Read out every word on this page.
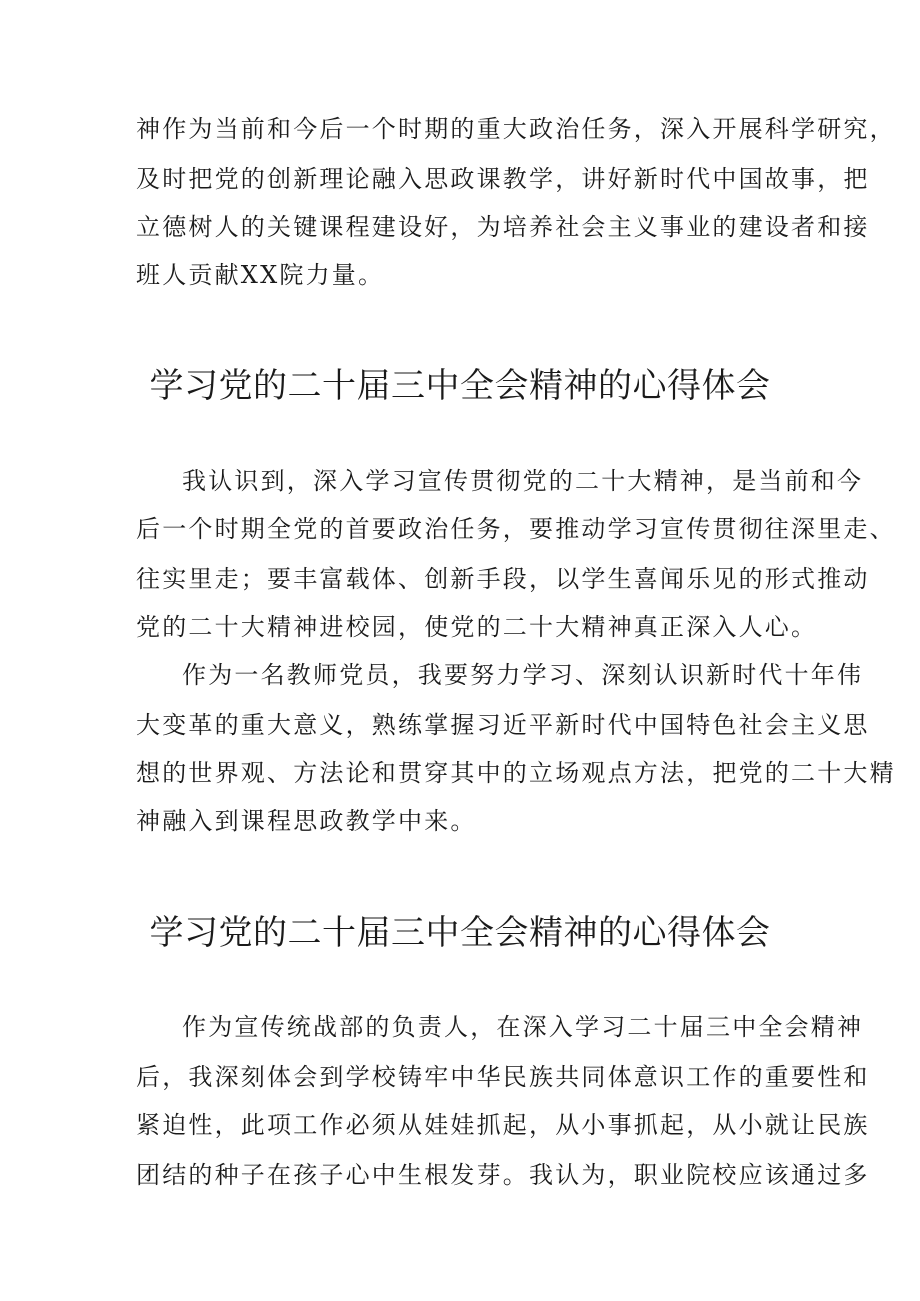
神作为当前和今后一个时期的重大政治任务，深入开展科学研究，
及时把党的创新理论融入思政课教学，讲好新时代中国故事，把
立德树人的关键课程建设好，为培养社会主义事业的建设者和接
班人贡献XX院力量。
学习党的二十届三中全会精神的心得体会
我认识到，深入学习宣传贯彻党的二十大精神，是当前和今
后一个时期全党的首要政治任务，要推动学习宣传贯彻往深里走、
往实里走；要丰富载体、创新手段，以学生喜闻乐见的形式推动
党的二十大精神进校园，使党的二十大精神真正深入人心。
作为一名教师党员，我要努力学习、深刻认识新时代十年伟
大变革的重大意义，熟练掌握习近平新时代中国特色社会主义思
想的世界观、方法论和贯穿其中的立场观点方法，把党的二十大精
神融入到课程思政教学中来。
学习党的二十届三中全会精神的心得体会
作为宣传统战部的负责人，在深入学习二十届三中全会精神
后，我深刻体会到学校铸牢中华民族共同体意识工作的重要性和
紧迫性，此项工作必须从娃娃抓起，从小事抓起，从小就让民族
团结的种子在孩子心中生根发芽。我认为，职业院校应该通过多
